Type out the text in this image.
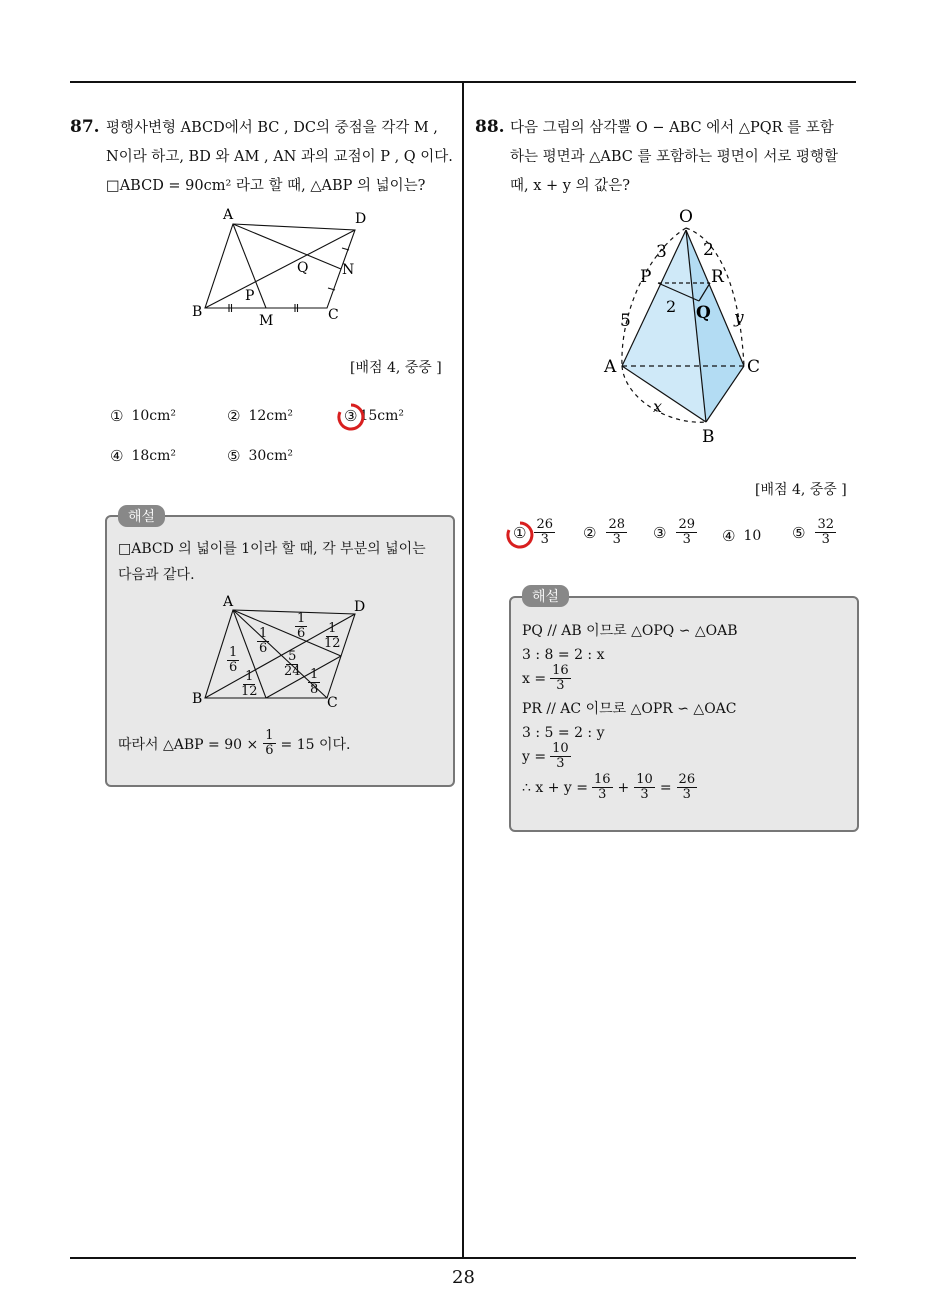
87. 평행사변형 ABCD에서 BC , DC의 중점을 각각 M ,
N이라 하고, BD 와 AM , AN 과의 교점이 P , Q 이다.
□ABCD = 90cm² 라고 할 때, △ABP 의 넓이는?
A	D
Q N
P
B
M	C
[배점 4, 중중 ]
① 10cm²	② 12cm²	③ 15cm²
④ 18cm²	⑤ 30cm²
해설
□ABCD 의 넓이를 1이라 할 때, 각 부분의 넓이는
다음과 같다.
A	D
B	C
$\frac{1}{6}$
$\frac{1}{12}$
$\frac{1}{6}$
$\frac{5}{24}$
$\frac{1}{6} \frac{1}{12}$
$\frac{1}{8}$
따라서 △ABP = $90 \times \frac{1}{6} = 15$ 이다.
88. 다음 그림의 삼각뿔 O − ABC 에서 △PQR 를 포함
하는 평면과 △ABC 를 포함하는 평면이 서로 평행할
때, x + y 의 값은?
O
3 2
P	R
2 Q
5	y
A	C
x
B
[배점 4, 중중 ]
① $\frac{26}{3}$ ② $\frac{28}{3}$ ③ $\frac{29}{3}$ ④ 10 ⑤ $\frac{32}{3}$
해설
PQ // AB 이므로 △OPQ ∽ △OAB
3 : 8 = 2 : x
$x = \frac{16}{3}$
PR // AC 이므로 △OPR ∽ △OAC
3 : 5 = 2 : y
$y = \frac{10}{3}$
∴ $x + y = \frac{16}{3} + \frac{10}{3} = \frac{26}{3}$
28
